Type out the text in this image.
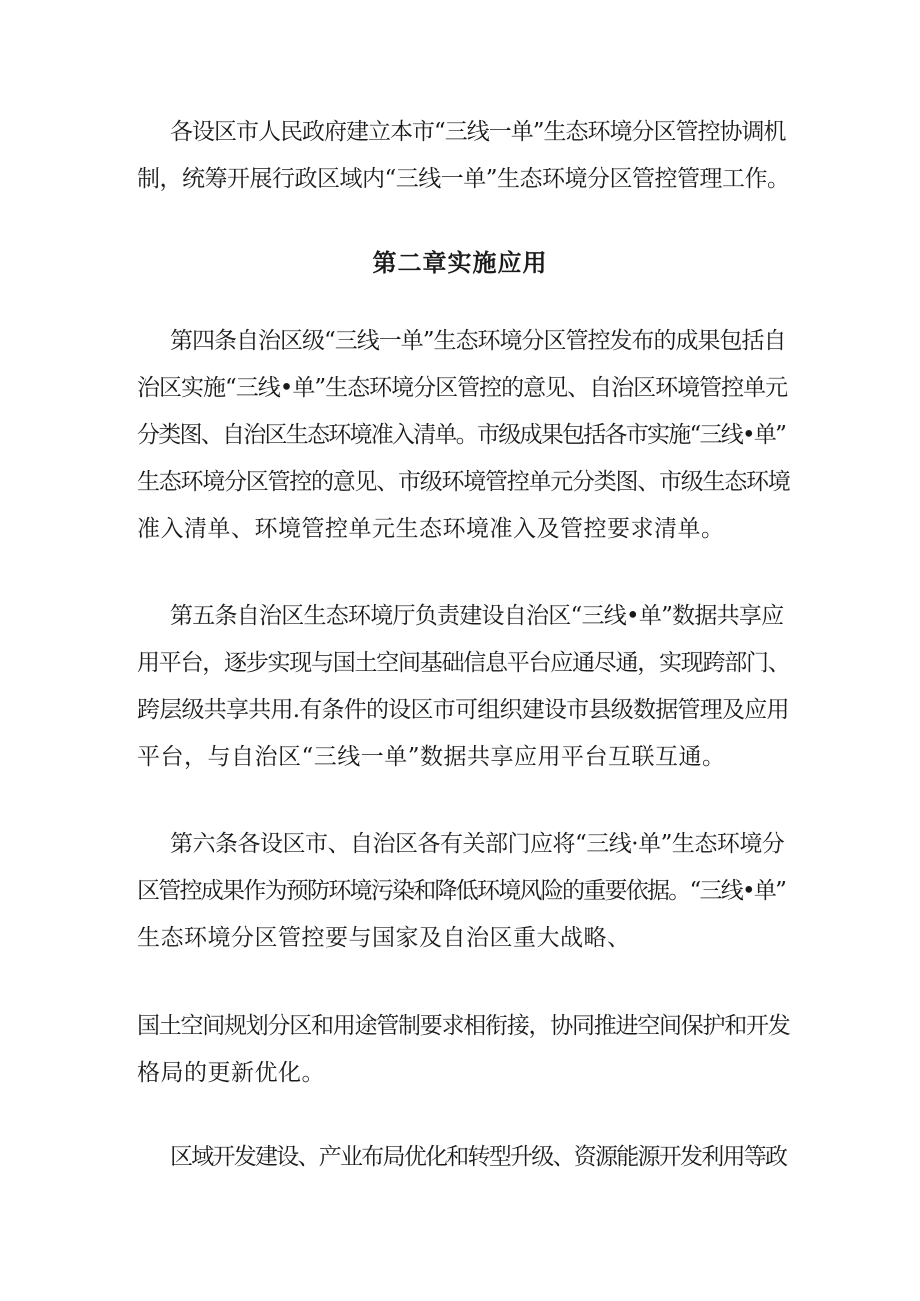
各设区市人民政府建立本市“三线一单”生态环境分区管控协调机
制，统筹开展行政区域内“三线一单”生态环境分区管控管理工作。
第二章实施应用
第四条自治区级“三线一单”生态环境分区管控发布的成果包括自
治区实施“三线•单”生态环境分区管控的意见、自治区环境管控单元
分类图、自治区生态环境准入清单。市级成果包括各市实施“三线•单”
生态环境分区管控的意见、市级环境管控单元分类图、市级生态环境
准入清单、环境管控单元生态环境准入及管控要求清单。
第五条自治区生态环境厅负责建设自治区“三线•单”数据共享应
用平台，逐步实现与国土空间基础信息平台应通尽通，实现跨部门、
跨层级共享共用.有条件的设区市可组织建设市县级数据管理及应用
平台，与自治区“三线一单”数据共享应用平台互联互通。
第六条各设区市、自治区各有关部门应将“三线·单”生态环境分
区管控成果作为预防环境污染和降低环境风险的重要依据。“三线•单”
生态环境分区管控要与国家及自治区重大战略、
国土空间规划分区和用途管制要求相衔接，协同推进空间保护和开发
格局的更新优化。
区域开发建设、产业布局优化和转型升级、资源能源开发利用等政
